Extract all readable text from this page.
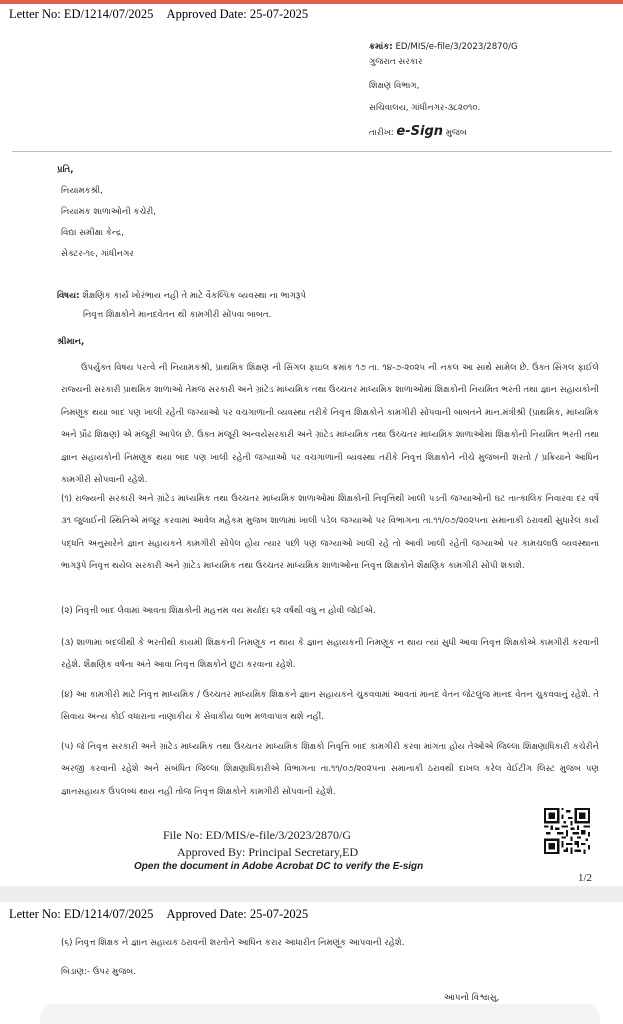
Letter No: ED/1214/07/2025 Approved Date: 25-07-2025
ક્રમાંક: ED/MIS/e-file/3/2023/2870/G
ગુજરાત સરકાર
શિક્ષણ વિભાગ,
સચિવાલય, ગાંધીનગર-૩૮૨૦૧૦.
તારીખ: e-Sign મુજબ
પ્રતિ,
નિયામકશ્રી,
નિયામક શાળાઓની કચેરી,
વિદ્યા સમીક્ષા કેન્દ્ર,
સેક્ટર-૧૯, ગાંધીનગર
વિષય: શૈક્ષણિક કાર્ય ખોરંભાય નહી તે માટે વૈકલ્પિક વ્યવસ્થા ના ભાગરૂપે
નિવૃત્ત શિક્ષકોને માનદવેતન થી કામગીરી સોંપવા બાબત.
શ્રીમાન,
ઉપર્યુક્ત વિષય પરત્વે ની નિયામકશ્રી, પ્રાથમિક શિક્ષણ ની સિંગલ ફાઇલ ક્રમાંક ૧૭ તા. ૧૪-૭-૨૦૨૫ ની નકલ આ સાથે સામેલ છે. ઉક્ત સિંગલ ફાઈલે રાજ્યની સરકારી પ્રાથમિક શાળાઓ તેમજ સરકારી અને ગ્રાંટેડ માધ્યમિક તથા ઉચ્ચતર માધ્યમિક શાળાઓમાં શિક્ષકોની નિયમિત ભરતી તથા જ્ઞાન સહાયકોની નિમણૂક થયા બાદ પણ ખાલી રહેતી જગ્યાઓ પર વચગાળાની વ્યવસ્થા તરીકે નિવૃત્ત શિક્ષકોને કામગીરી સોંપવાની બાબતને માન.મંત્રીશ્રી (પ્રાથમિક, માધ્યમિક અને પ્રૌઢ શિક્ષણ) એ મંજૂરી આપેલ છે. ઉક્ત મંજૂરી અન્વયેસરકારી અને ગ્રાંટેડ માધ્યમિક તથા ઉચ્ચતર માધ્યમિક શાળાઓમાં શિક્ષકોની નિયમિત ભરતી તથા જ્ઞાન સહાયકોની નિમણૂક થયા બાદ પણ ખાલી રહેતી જગ્યાઓ પર વચગાળાની વ્યવસ્થા તરીકે નિવૃત્ત શિક્ષકોને નીચે મુજબની શરતો / પ્રક્રિયાને આધિન કામગીરી સોંપવાની રહેશે.
(૧) રાજ્યની સરકારી અને ગ્રાંટેડ માધ્યમિક તથા ઉચ્ચતર માધ્યમિક શાળાઓમાં શિક્ષકોની નિવૃત્તિથી ખાલી પડતી જગ્યાઓની ઘટ તાત્કાલિક નિવારવા દર વર્ષે ૩૧ જુલાઈની સ્થિતિએ મંજૂર કરવામાં આવેલ મહેકમ મુજબ શાળામાં ખાલી પડેલ જગ્યાઓ પર વિભાગના તા.૧૧/૦૭/૨૦૨૫ના સમાનાકી ઠરાવથી સુધારેલ કાર્ય પદ્ધતિ અનુસારેને જ્ઞાન સહાયકને કામગીરી સોંપેલ હોય ત્યાર પછી પણ જગ્યાઓ ખાલી રહે તો આવી ખાલી રહેતી જગ્યાઓ પર કામચલાઉ વ્યવસ્થાના ભાગરૂપે નિવૃત્ત થયેલ સરકારી અને ગ્રાંટેડ માધ્યમિક તથા ઉચ્ચતર માધ્યમિક શાળાઓના નિવૃત્ત શિક્ષકોને શૈક્ષણિક કામગીરી સોંપી શકાશે.
(૨) નિવૃત્તી બાદ લેવામાં આવતા શિક્ષકોની મહત્તમ વય મર્યાદા ૬૨ વર્ષથી વધુ ન હોવી જોઈએ.
(૩) શાળામાં બદલીથી કે ભરતીથી કાયમી શિક્ષકની નિમણૂક ન થાય કે જ્ઞાન સહાયકની નિમણૂક ન થાય ત્યાં સુધી આવા નિવૃત્ત શિક્ષકોએ કામગીરી કરવાની રહેશે. શૈક્ષણિક વર્ષના અંતે આવા નિવૃત્ત શિક્ષકોને છુટા કરવાના રહેશે.
(૪) આ કામગીરી માટે નિવૃત્ત માધ્યમિક / ઉચ્ચતર માધ્યમિક શિક્ષકને જ્ઞાન સહાયકને ચુકવવામાં આવતાં માનદ વેતન જેટલુંજ માનદ વેતન ચુકવવાનું રહેશે. તે સિવાય અન્ય કોઈ વધારાના નાણાકીય કે સેવાકીય લાભ મળવાપાત્ર થશે નહીં.
(૫) જે નિવૃત્ત સરકારી અને ગ્રાંટેડ માધ્યમિક તથા ઉચ્ચતર માધ્યમિક શિક્ષકો નિવૃત્તિ બાદ કામગીરી કરવા માંગતા હોય તેઓએ જિલ્લા શિક્ષણાધિકારી કચેરીને અરજી કરવાની રહેશે અને સંબંધિત જિલ્લા શિક્ષણાધિકારીએ વિભાગના તા.૧૧/૦૭/૨૦૨૫ના સમાનાકી ઠરાવથી દાખલ કરેલ વેઈટીંગ લિસ્ટ મુજબ પણ જ્ઞાનસહાયક ઉપલબ્ધ થાય નહી તોજ નિવૃત્ત શિક્ષકોને કામગીરી સોંપવાની રહેશે.
File No: ED/MIS/e-file/3/2023/2870/G
Approved By: Principal Secretary,ED
Open the document in Adobe Acrobat DC to verify the E-sign
1/2
Letter No: ED/1214/07/2025 Approved Date: 25-07-2025
(૬) નિવૃત્ત શિક્ષક ને જ્ઞાન સહાયક ઠરાવની શરતોને આધિન કરાર આધારીત નિમણૂંક આપવાની રહેશે.
બિડાણ:- ઉપર મુજબ.
આપનો વિશ્વાસુ,
